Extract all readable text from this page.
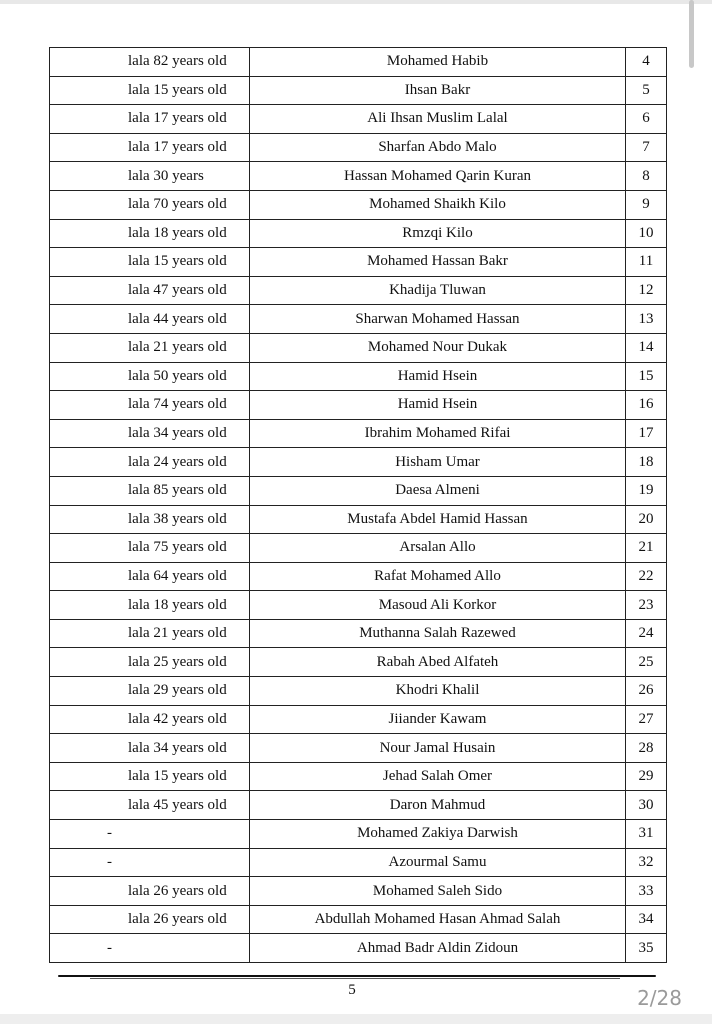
lala 82 years old	Mohamed Habib	4
lala 15 years old	Ihsan Bakr	5
lala 17 years old	Ali Ihsan Muslim Lalal	6
lala 17 years old	Sharfan Abdo Malo	7
lala 30 years	Hassan Mohamed Qarin Kuran	8
lala 70 years old	Mohamed Shaikh Kilo	9
lala 18 years old	Rmzqi Kilo	10
lala 15 years old	Mohamed Hassan Bakr	11
lala 47 years old	Khadija Tluwan	12
lala 44 years old	Sharwan Mohamed Hassan	13
lala 21 years old	Mohamed Nour Dukak	14
lala 50 years old	Hamid Hsein	15
lala 74 years old	Hamid Hsein	16
lala 34 years old	Ibrahim Mohamed Rifai	17
lala 24 years old	Hisham Umar	18
lala 85 years old	Daesa Almeni	19
lala 38 years old	Mustafa Abdel Hamid Hassan	20
lala 75 years old	Arsalan Allo	21
lala 64 years old	Rafat Mohamed Allo	22
lala 18 years old	Masoud Ali Korkor	23
lala 21 years old	Muthanna Salah Razewed	24
lala 25 years old	Rabah Abed Alfateh	25
lala 29 years old	Khodri Khalil	26
lala 42 years old	Jiiander Kawam	27
lala 34 years old	Nour Jamal Husain	28
lala 15 years old	Jehad Salah Omer	29
lala 45 years old	Daron Mahmud	30
-	Mohamed Zakiya Darwish	31
-	Azourmal Samu	32
lala 26 years old	Mohamed Saleh Sido	33
lala 26 years old	Abdullah Mohamed Hasan Ahmad Salah	34
-	Ahmad Badr Aldin Zidoun	35
5	2/28
